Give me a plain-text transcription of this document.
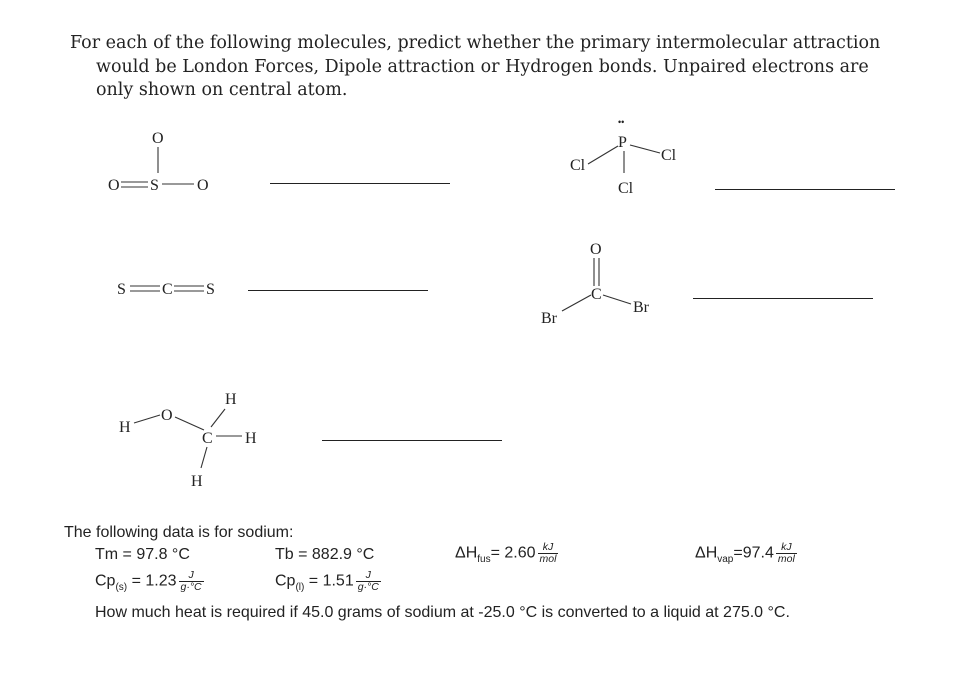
For each of the following molecules, predict whether the primary intermolecular attraction would be London Forces, Dipole attraction or Hydrogen bonds. Unpaired electrons are only shown on central atom.

O
O S O
••
P
Cl
Cl
Cl
S C S
O
C
Br
Br
H
O
H
C H
H
The following data is for sodium:
Tm = 97.8 °C	Tb = 882.9 °C	$\Delta H_{fus}= 2.60 \frac{kJ}{\text{mol}}$	$\Delta H_{vap}=97.4 \frac{kJ}{\text{mol}}$
$Cp_{(s)} = 1.23 \frac{J}{g\cdot^\circ C}$	$Cp_{(l)} = 1.51 \frac{J}{g\cdot^\circ C}$
How much heat is required if 45.0 grams of sodium at -25.0 °C is converted to a liquid at 275.0 °C.
